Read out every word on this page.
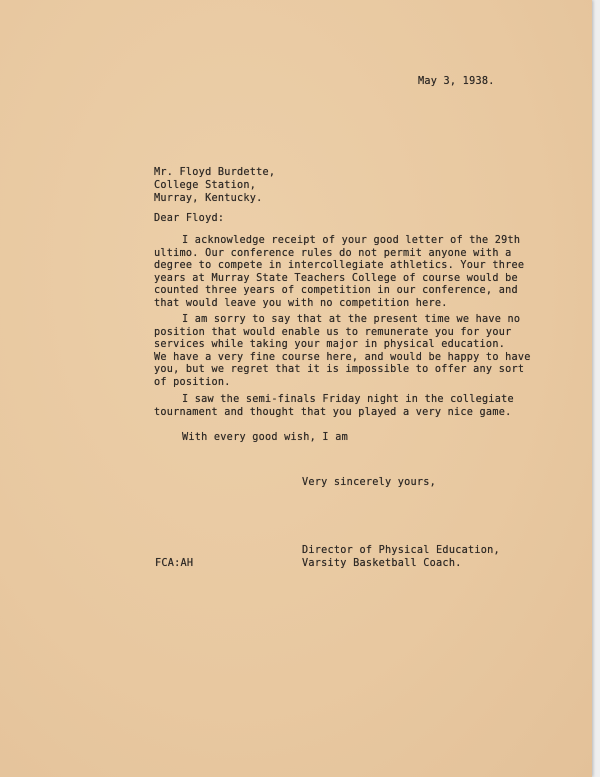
May 3, 1938.
Mr. Floyd Burdette,
College Station,
Murray, Kentucky.
Dear Floyd:
I acknowledge receipt of your good letter of the 29th
ultimo. Our conference rules do not permit anyone with a
degree to compete in intercollegiate athletics. Your three
years at Murray State Teachers College of course would be
counted three years of competition in our conference, and
that would leave you with no competition here.
I am sorry to say that at the present time we have no
position that would enable us to remunerate you for your
services while taking your major in physical education.
We have a very fine course here, and would be happy to have
you, but we regret that it is impossible to offer any sort
of position.
I saw the semi-finals Friday night in the collegiate
tournament and thought that you played a very nice game.
With every good wish, I am
Very sincerely yours,
Director of Physical Education,
Varsity Basketball Coach.
FCA:AH
